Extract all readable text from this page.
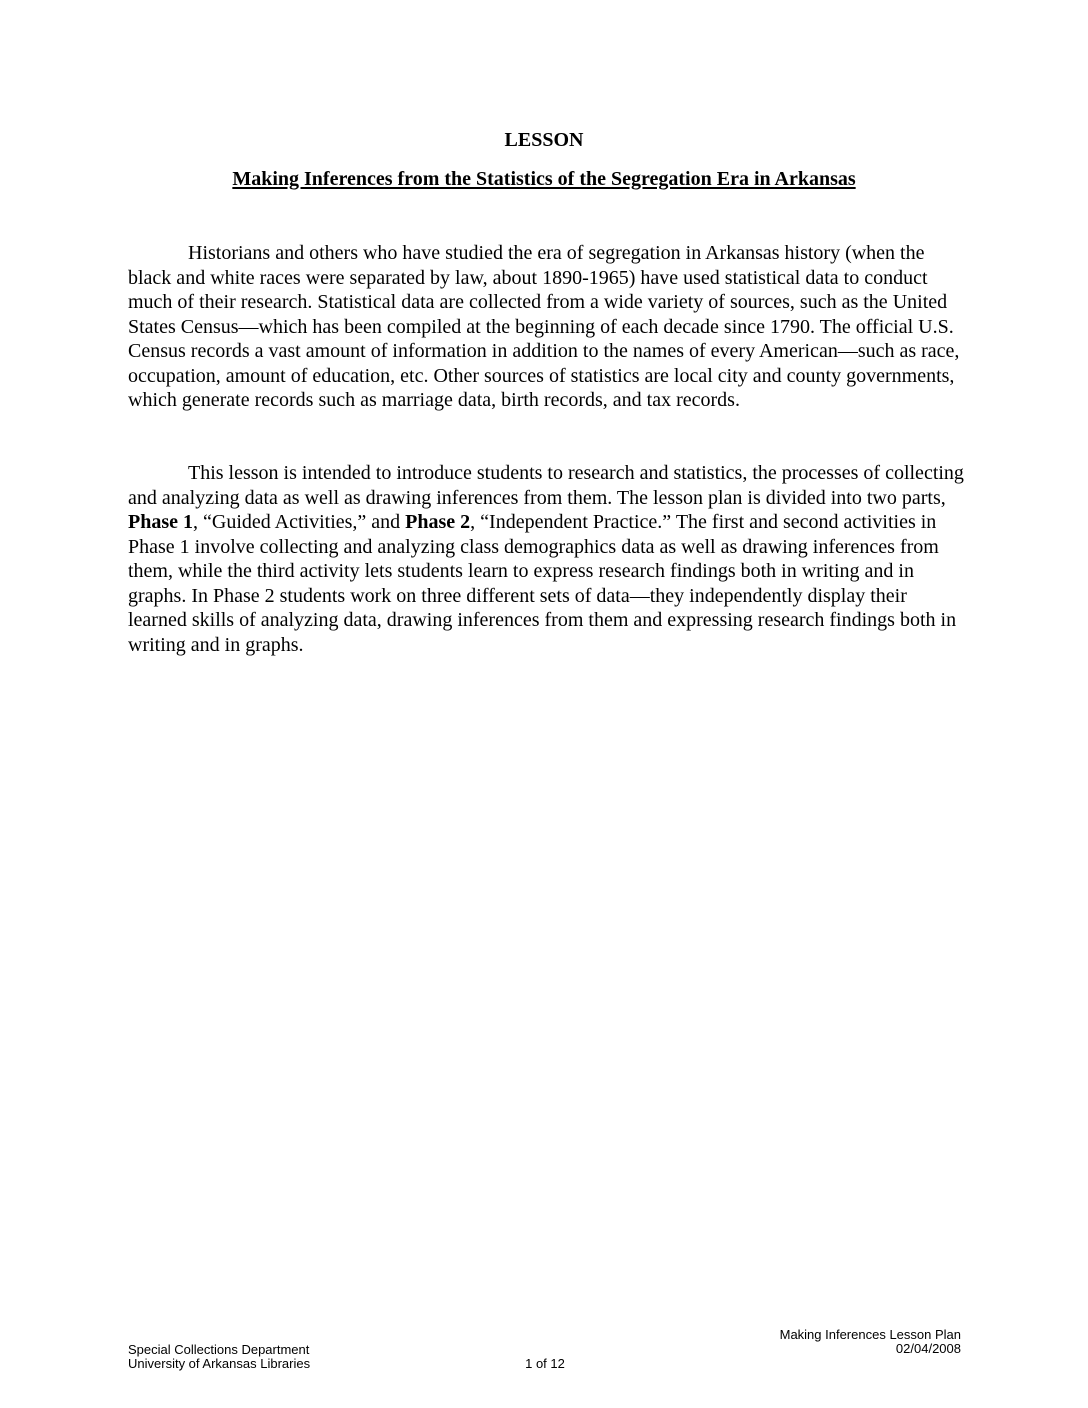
LESSON
Making Inferences from the Statistics of the Segregation Era in Arkansas

Historians and others who have studied the era of segregation in Arkansas history (when the black and white races were separated by law, about 1890-1965) have used statistical data to conduct much of their research. Statistical data are collected from a wide variety of sources, such as the United States Census—which has been compiled at the beginning of each decade since 1790. The official U.S. Census records a vast amount of information in addition to the names of every American—such as race, occupation, amount of education, etc. Other sources of statistics are local city and county governments, which generate records such as marriage data, birth records, and tax records.

This lesson is intended to introduce students to research and statistics, the processes of collecting and analyzing data as well as drawing inferences from them. The lesson plan is divided into two parts, Phase 1, “Guided Activities,” and Phase 2, “Independent Practice.” The first and second activities in Phase 1 involve collecting and analyzing class demographics data as well as drawing inferences from them, while the third activity lets students learn to express research findings both in writing and in graphs. In Phase 2 students work on three different sets of data—they independently display their learned skills of analyzing data, drawing inferences from them and expressing research findings both in writing and in graphs.

Special Collections Department
University of Arkansas Libraries	1 of 12
Making Inferences Lesson Plan
02/04/2008
